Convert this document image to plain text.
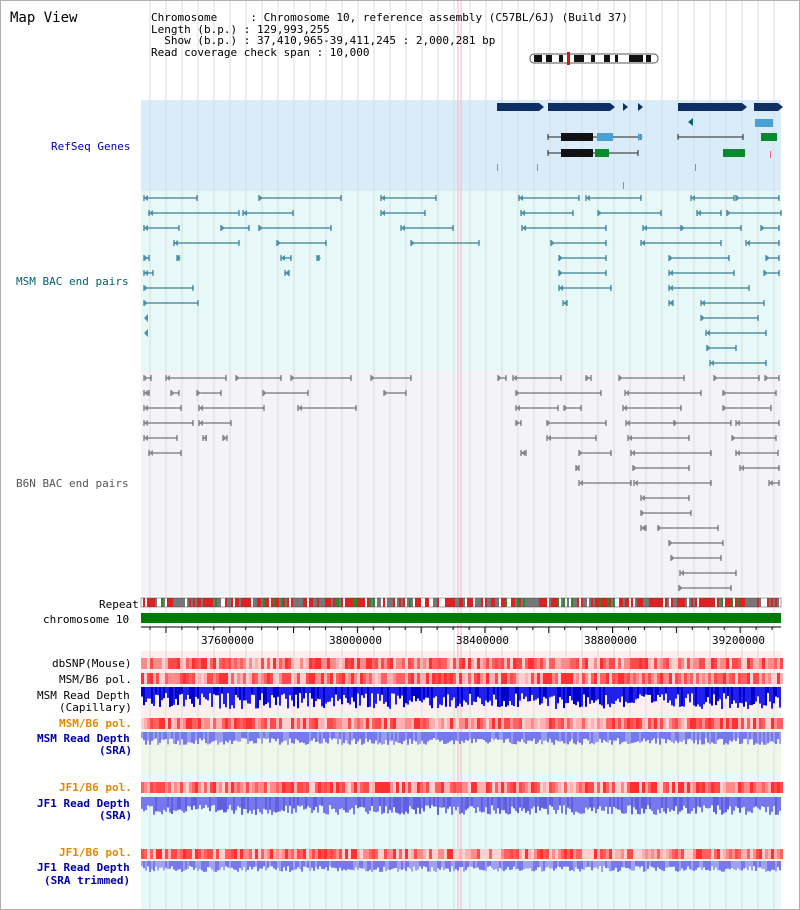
Map View	Chromosome     : Chromosome 10, reference assembly (C57BL/6J) (Build 37)
Length (b.p.) : 129,993,255
Show (b.p.) : 37,410,965-39,411,245 : 2,000,281 bp
Read coverage check span : 10,000
RefSeq Genes
MSM BAC end pairs
B6N BAC end pairs
Repeat
chromosome 10
dbSNP(Mouse)
MSM/B6 pol.
MSM Read Depth
(Capillary)
MSM/B6 pol.
MSM Read Depth
(SRA)
JF1/B6 pol.
JF1 Read Depth
(SRA)
JF1/B6 pol.
JF1 Read Depth
(SRA trimmed)
37600000	38000000	38400000	38800000	39200000
